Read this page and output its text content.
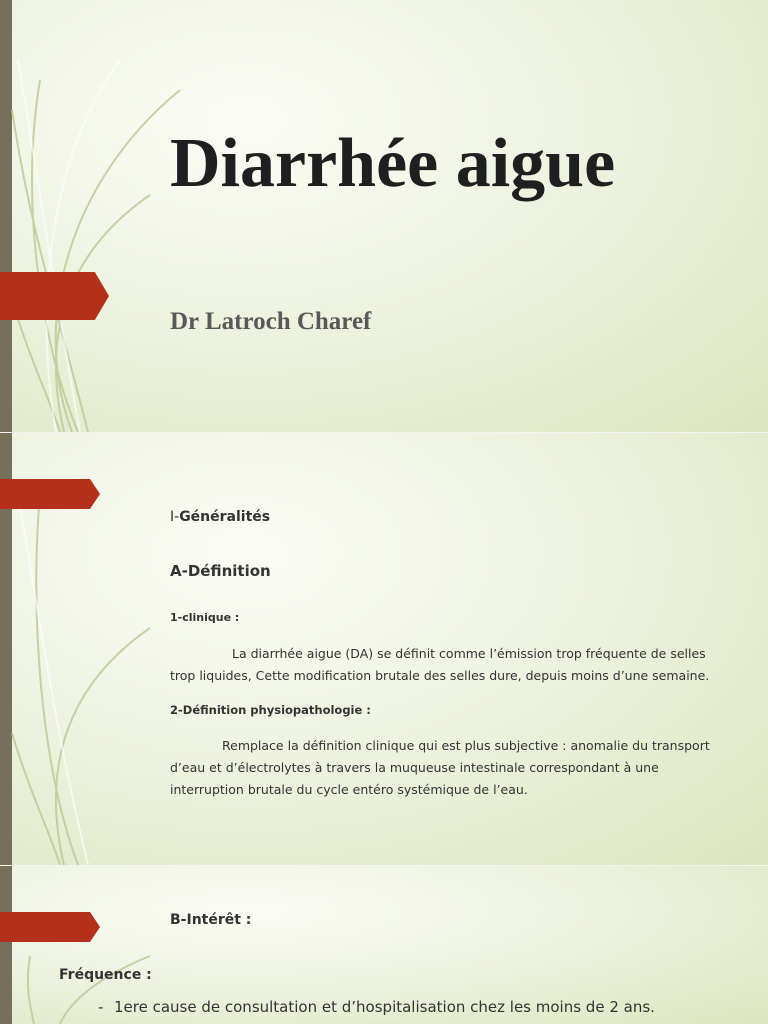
Diarrhée aigue
Dr Latroch Charef
I-Généralités
A-Définition
1-clinique :
La diarrhée aigue (DA) se définit comme l’émission trop fréquente de selles trop liquides, Cette modification brutale des selles dure, depuis moins d’une semaine.
2-Définition physiopathologie :
Remplace la définition clinique qui est plus subjective : anomalie du transport d’eau et d’électrolytes à travers la muqueuse intestinale correspondant à une interruption brutale du cycle entéro systémique de l’eau.
B-Intérêt :
Fréquence :
- 1ere cause de consultation et d’hospitalisation chez les moins de 2 ans.
